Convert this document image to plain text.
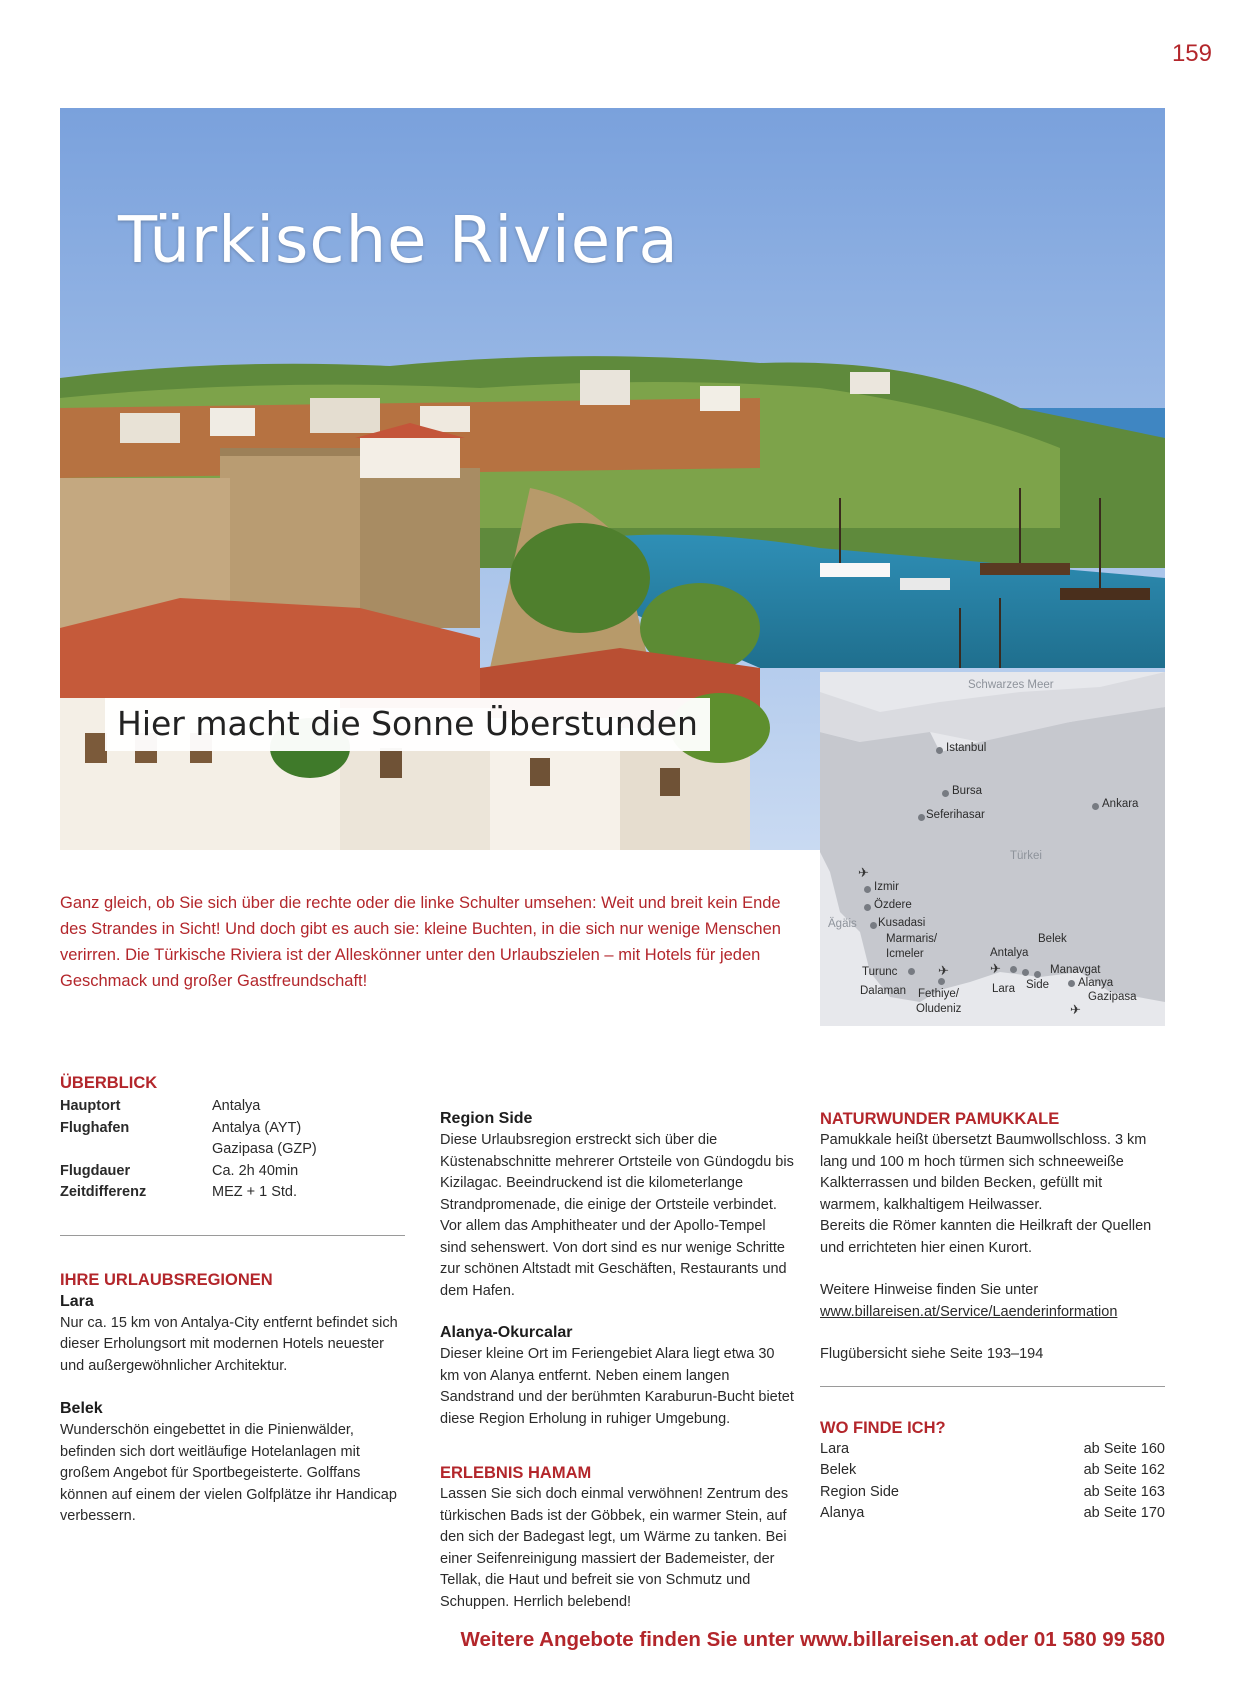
159
Türkische Riviera
Hier macht die Sonne Überstunden
Schwarzes Meer
Istanbul
Bursa
Seferihasar
Ankara
Türkei
✈
Izmir
Özdere
Ägäis Kusadasi
Marmaris/
Icmeler
Turunc
Dalaman
✈
Fethiye/
Oludeniz
Antalya
✈
Belek
Lara Side
Manavgat
Alanya
Gazipasa
✈
Ganz gleich, ob Sie sich über die rechte oder die linke Schulter umsehen: Weit und breit kein Ende des Strandes in Sicht! Und doch gibt es auch sie: kleine Buchten, in die sich nur wenige Menschen verirren. Die Türkische Riviera ist der Alleskönner unter den Urlaubszielen – mit Hotels für jeden Geschmack und großer Gastfreundschaft!
ÜBERBLICK
Hauptort	Antalya
Flughafen	Antalya (AYT)
Gazipasa (GZP)
Flugdauer	Ca. 2h 40min
Zeitdifferenz	MEZ + 1 Std.
IHRE URLAUBSREGIONEN
Lara

Nur ca. 15 km von Antalya-City entfernt befindet sich dieser Erholungsort mit modernen Hotels neuester und außergewöhnlicher Architektur.

Belek

Wunderschön eingebettet in die Pinienwälder, befinden sich dort weitläufige Hotelanlagen mit großem Angebot für Sportbegeisterte. Golffans können auf einem der vielen Golfplätze ihr Handicap verbessern.

Region Side

Diese Urlaubsregion erstreckt sich über die Küstenabschnitte mehrerer Ortsteile von Gündogdu bis Kizilagac. Beeindruckend ist die kilometerlange Strandpromenade, die einige der Ortsteile verbindet. Vor allem das Amphitheater und der Apollo-Tempel sind sehenswert. Von dort sind es nur wenige Schritte zur schönen Altstadt mit Geschäften, Restaurants und dem Hafen.

Alanya-Okurcalar

Dieser kleine Ort im Feriengebiet Alara liegt etwa 30 km von Alanya entfernt. Neben einem langen Sandstrand und der berühmten Karaburun-Bucht bietet diese Region Erholung in ruhiger Umgebung.

ERLEBNIS HAMAM

Lassen Sie sich doch einmal verwöhnen! Zentrum des türkischen Bads ist der Göbbek, ein warmer Stein, auf den sich der Badegast legt, um Wärme zu tanken. Bei einer Seifenreinigung massiert der Bademeister, der Tellak, die Haut und befreit sie von Schmutz und Schuppen. Herrlich belebend!

NATURWUNDER PAMUKKALE

Pamukkale heißt übersetzt Baumwollschloss. 3 km lang und 100 m hoch türmen sich schneeweiße Kalkterrassen und bilden Becken, gefüllt mit warmem, kalkhaltigem Heilwasser.

Bereits die Römer kannten die Heilkraft der Quellen und errichteten hier einen Kurort.

Weitere Hinweise finden Sie unter

www.billareisen.at/Service/Laenderinformation

Flugübersicht siehe Seite 193–194

WO FINDE ICH?
Lara	ab Seite 160
Belek	ab Seite 162
Region Side	ab Seite 163
Alanya	ab Seite 170
Weitere Angebote finden Sie unter www.billareisen.at oder 01 580 99 580
